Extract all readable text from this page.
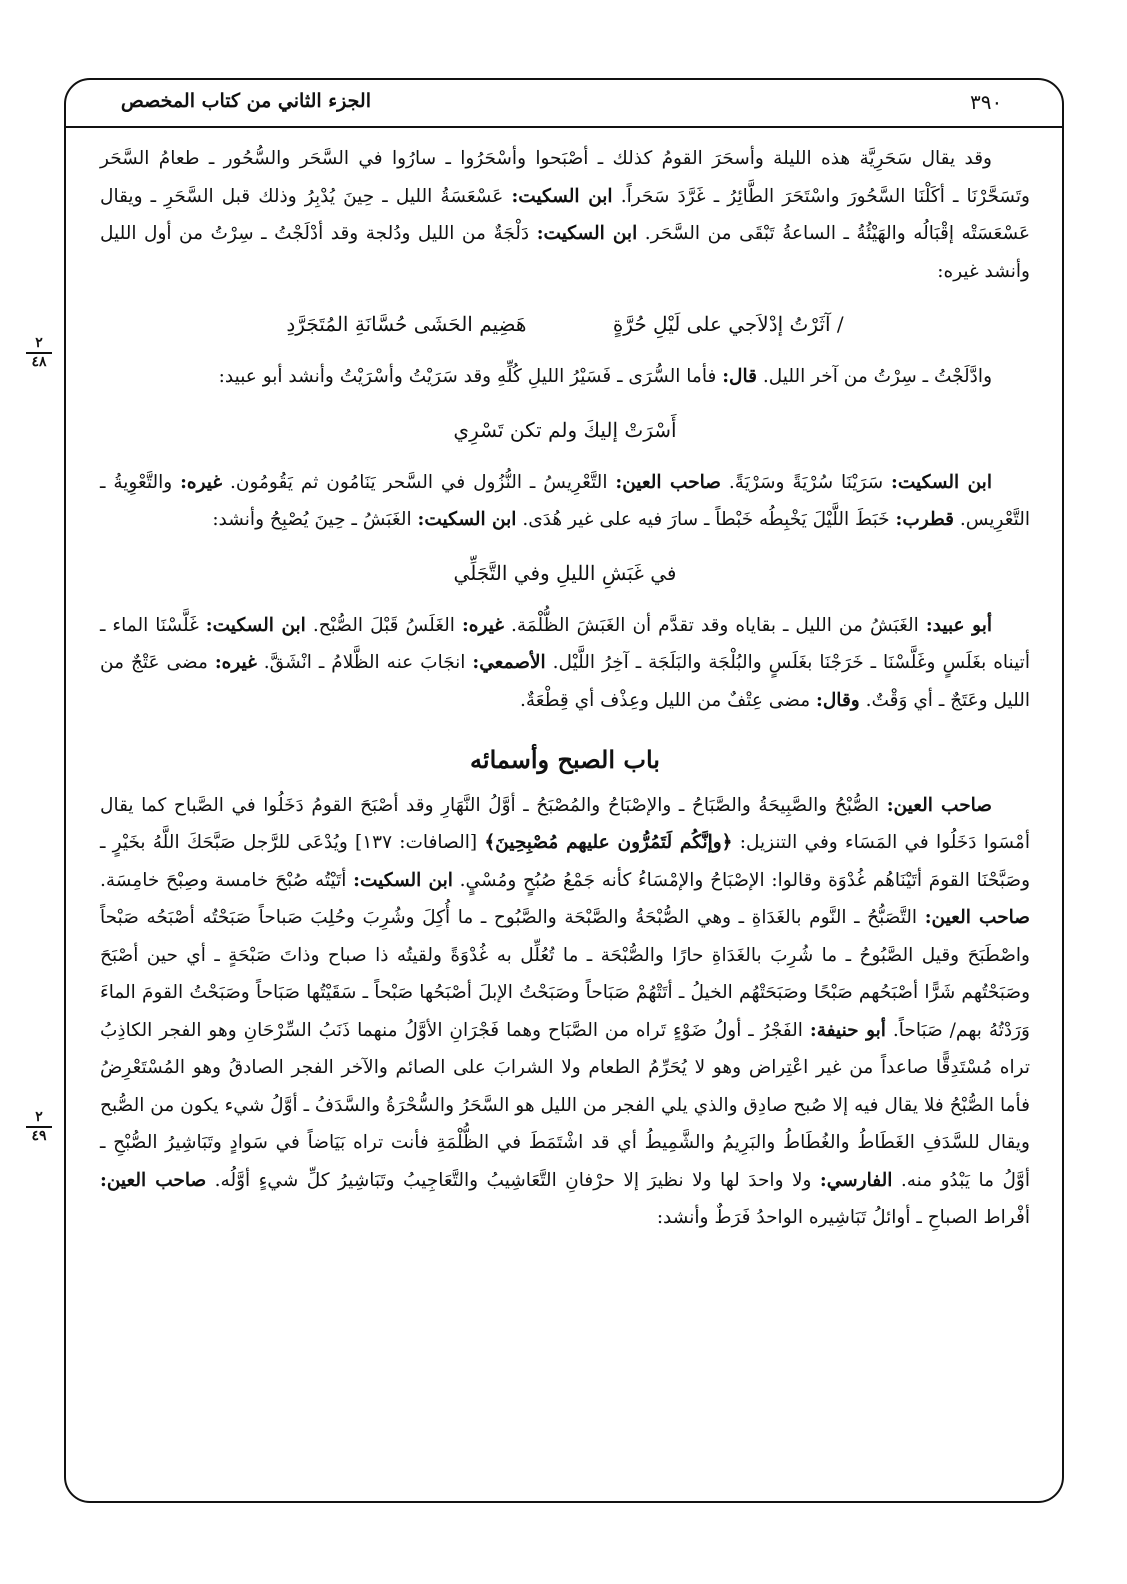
الجزء الثاني من كتاب المخصص	٣٩٠
٢
٤٨
٢
٤٩

وقد يقال سَحَرِيَّة هذه الليلة وأسحَرَ القومُ كذلك ـ أصْبَحوا وأسْحَرُوا ـ سارُوا في السَّحَر والسُّحُور ـ طعامُ السَّحَر وتَسَحَّرْنَا ـ أكَلْنَا السَّحُورَ واسْتَحَرَ الطَّائِرُ ـ غَرَّدَ سَحَراً. ابن السكيت: عَسْعَسَةُ الليل ـ حِينَ يُدْبِرُ وذلك قبل السَّحَرِ ـ ويقال عَسْعَسَتْه إقْبَالُه والهَيْئُةُ ـ الساعةُ تَبْقَى من السَّحَر. ابن السكيت: دَلْجَةٌ من الليل ودُلجة وقد أدْلَجْتُ ـ سِرْتُ من أول الليل وأنشد غيره:

/ آثَرْتُ إدْلاَجي على لَيْلِ حُرَّةٍ هَضِيم الحَشَى حُسَّانَةِ المُتَجَرَّدِ

وادَّلَجْتُ ـ سِرْتُ من آخر الليل. قال: فأما السُّرَى ـ فَسَيْرُ الليلِ كُلِّهِ وقد سَرَيْتُ وأسْرَيْتُ وأنشد أبو عبيد:

أَسْرَتْ إليكَ ولم تكن تَسْرِي

ابن السكيت: سَرَيْنَا سُرْيَةً وسَرْيَةً. صاحب العين: التَّعْرِيسُ ـ النُّزُول في السَّحر يَنَامُون ثم يَقُومُون. غيره: والتَّعْوِيةُ ـ التَّعْرِيس. قطرب: خَبَطَ اللَّيْلَ يَخْبِطُه خَبْطاً ـ سارَ فيه على غير هُدَى. ابن السكيت: الغَبَشُ ـ حِينَ يُصْبِحُ وأنشد:

في غَبَشِ الليلِ وفي التَّجَلِّي

أبو عبيد: الغَبَشُ من الليل ـ بقاياه وقد تقدَّم أن الغَبَشَ الظُّلْمَة. غيره: الغَلَسُ قَبْلَ الصُّبْح. ابن السكيت: غَلَّسْنَا الماء ـ أتيناه بغَلَسٍ وغَلَّسْنَا ـ خَرَجْنَا بغَلَسٍ والبُلْجَة والبَلَجَة ـ آخِرُ اللَّيْل. الأصمعي: انجَابَ عنه الظَّلامُ ـ انْشَقَّ. غيره: مضى عَتْجٌ من الليل وعَتَجٌ ـ أي وَقْتٌ. وقال: مضى عِتْفٌ من الليل وعِذْف أي قِطْعَةٌ.

باب الصبح وأسمائه

صاحب العين: الصُّبْحُ والصَّبِيحَةُ والصَّبَاحُ ـ والإصْبَاحُ والمُصْبَحُ ـ أوَّلُ النَّهَارِ وقد أصْبَحَ القومُ دَخَلُوا في الصَّباح كما يقال أمْسَوا دَخَلُوا في المَسَاء وفي التنزيل: ﴿وإنَّكُم لَتَمُرُّون عليهم مُصْبِحِينَ﴾ [الصافات: ١٣٧] ويُدْعَى للرَّجل صَبَّحَكَ اللَّهُ بخَيْرٍ ـ وصَبَّحْنَا القومَ أتَيْنَاهُم غُدْوَة وقالوا: الإصْبَاحُ والإمْسَاءُ كأنه جَمْعُ صُبُحٍ ومُسْيٍ. ابن السكيت: أتَيْتُه صُبْحَ خامسة وصِبْحَ خامِسَة. صاحب العين: التَّصَبُّحُ ـ النَّوم بالغَدَاةِ ـ وهي الصُّبْحَةُ والصَّبْحَة والصَّبُوح ـ ما أُكِلَ وشُرِبَ وحُلِبَ صَباحاً صَبَحْتُه أصْبَحُه صَبْحاً واصْطَبَحَ وقيل الصَّبُوحُ ـ ما شُرِبَ بالغَدَاةِ حارًا والصُّبْحَة ـ ما تُعُلِّل به غُدْوَةً ولقيتُه ذا صباح وذاتَ صَبْحَةٍ ـ أي حين أصْبَحَ وصَبَحْتُهم شَرًّا أصْبَحُهم صَبْحًا وصَبَحَتْهُم الخيلُ ـ أتَتْهُمْ صَبَاحاً وصَبَحْتُ الإبلَ أصْبَحُها صَبْحاً ـ سَقَيْتُها صَبَاحاً وصَبَحْتُ القومَ الماءَ وَرَدْتُهُ بهم/ صَبَاحاً. أبو حنيفة: الفَجْرُ ـ أولُ ضَوْءٍ تَراه من الصَّبَاح وهما فَجْرَانِ الأوَّلُ منهما ذَنَبُ السِّرْحَانِ وهو الفجر الكاذِبُ تراه مُسْتَدِقًّا صاعداً من غير اعْتِراض وهو لا يُحَرِّمُ الطعام ولا الشرابَ على الصائم والآخر الفجر الصادقُ وهو المُسْتَعْرِضُ فأما الصُّبْحُ فلا يقال فيه إلا صُبح صادِق والذي يلي الفجر من الليل هو السَّحَرُ والسُّحْرَةُ والسَّدَفُ ـ أوَّلُ شيء يكون من الصُّبح ويقال للسَّدَفِ الغَطَاطُ والغُطَاطُ والبَرِيمُ والشَّمِيطُ أي قد اشْتَمَطَ في الظُّلْمَةِ فأنت تراه بَيَاضاً في سَوادٍ وتَبَاشِيرُ الصُّبْحِ ـ أوَّلُ ما يَبْدُو منه. الفارسي: ولا واحدَ لها ولا نظيرَ إلا حرْفانِ التَّعَاشِيبُ والتَّعَاجِيبُ وتَبَاشِيرُ كلِّ شيءٍ أوَّلُه. صاحب العين: أفْراط الصباحِ ـ أوائلُ تَبَاشِيره الواحدُ فَرَطٌ وأنشد:
